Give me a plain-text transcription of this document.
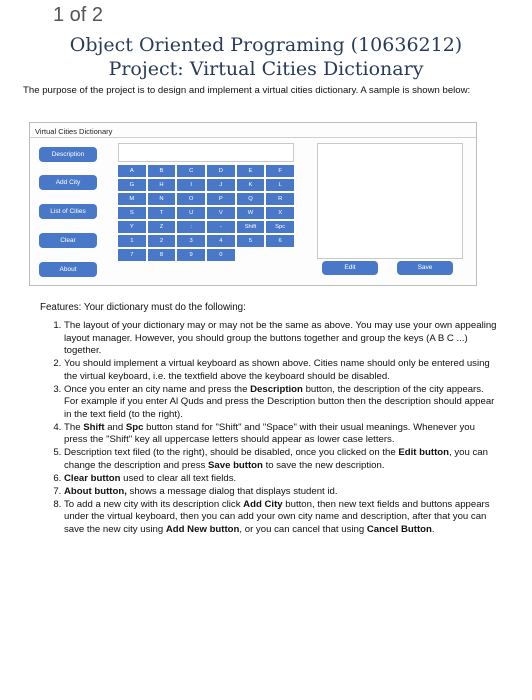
1 of 2
Object Oriented Programing (10636212)
Project: Virtual Cities Dictionary
The purpose of the project is to design and implement a virtual cities dictionary. A sample is shown below:
Virtual Cities Dictionary
Description
Add City
List of Cities
Clear
About
A	B	C	D	E	F
G	H	I	J	K	L
M	N	O	P	Q	R
S	T	U	V	W	X
Y	Z	:	-	Shift	Spc
1	2	3	4	5	6
7	8	9	0
Edit	Save
Features: Your dictionary must do the following:
1. The layout of your dictionary may or may not be the same as above. You may use your own appealing layout manager. However, you should group the buttons together and group the keys (A B C ...) together.
2. You should implement a virtual keyboard as shown above. Cities name should only be entered using the virtual keyboard, i.e. the textfield above the keyboard should be disabled.
3. Once you enter an city name and press the Description button, the description of the city appears. For example if you enter Al Quds and press the Description button then the description should appear in the text field (to the right).
4. The Shift and Spc button stand for "Shift" and "Space" with their usual meanings. Whenever you press the "Shift" key all uppercase letters should appear as lower case letters.
5. Description text filed (to the right), should be disabled, once you clicked on the Edit button, you can change the description and press Save button to save the new description.
6. Clear button used to clear all text fields.
7. About button, shows a message dialog that displays student id.
8. To add a new city with its description click Add City button, then new text fields and buttons appears under the virtual keyboard, then you can add your own city name and description, after that you can save the new city using Add New button, or you can cancel that using Cancel Button.
